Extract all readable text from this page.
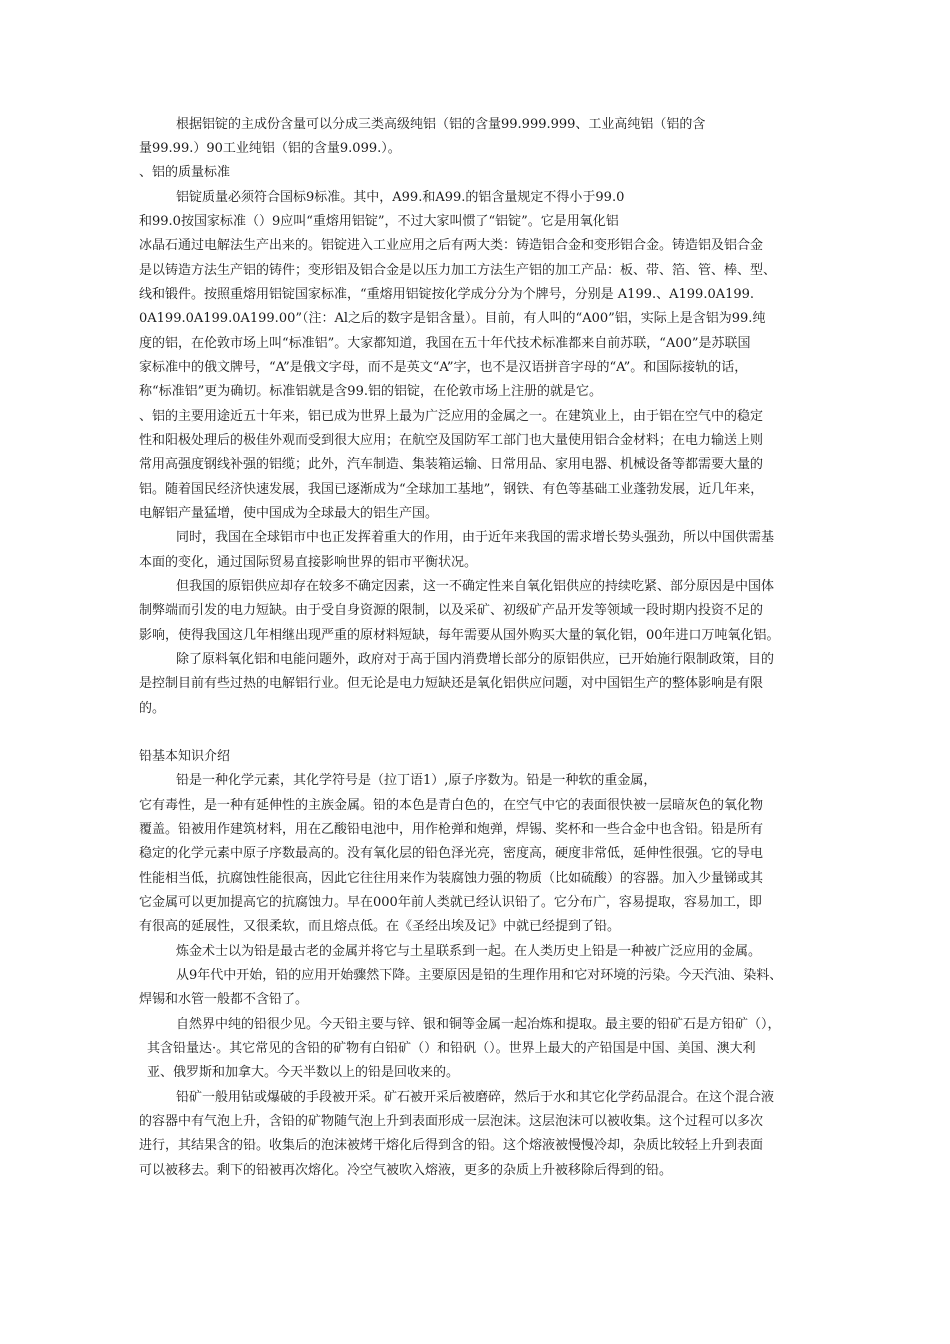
根据铝锭的主成份含量可以分成三类高级纯铝（铝的含量99.999.999、工业高纯铝（铝的含
量99.99.）90工业纯铝（铝的含量9.099.）。
、铝的质量标准
铝锭质量必须符合国标9标准。其中，A99.和A99.的铝含量规定不得小于99.0
和99.0按国家标准（）9应叫“重熔用铝锭”，不过大家叫惯了“铝锭”。它是用氧化铝
冰晶石通过电解法生产出来的。铝锭进入工业应用之后有两大类：铸造铝合金和变形铝合金。铸造铝及铝合金
是以铸造方法生产铝的铸件；变形铝及铝合金是以压力加工方法生产铝的加工产品：板、带、箔、管、棒、型、
线和锻件。按照重熔用铝锭国家标准，“重熔用铝锭按化学成分分为个牌号，分别是 A199.、A199.0A199.
0A199.0A199.0A199.00”（注：Al之后的数字是铝含量）。目前，有人叫的“A00”铝，实际上是含铝为99.纯
度的铝，在伦敦市场上叫“标准铝”。大家都知道，我国在五十年代技术标准都来自前苏联，“A00”是苏联国
家标准中的俄文牌号，“A”是俄文字母，而不是英文“A”字，也不是汉语拼音字母的“A”。和国际接轨的话，
称“标准铝”更为确切。标准铝就是含99.铝的铝锭，在伦敦市场上注册的就是它。
、铝的主要用途近五十年来，铝已成为世界上最为广泛应用的金属之一。在建筑业上，由于铝在空气中的稳定
性和阳极处理后的极佳外观而受到很大应用；在航空及国防军工部门也大量使用铝合金材料；在电力输送上则
常用高强度钢线补强的铝缆；此外，汽车制造、集装箱运输、日常用品、家用电器、机械设备等都需要大量的
铝。随着国民经济快速发展，我国已逐渐成为“全球加工基地”，钢铁、有色等基础工业蓬勃发展，近几年来，
电解铝产量猛增，使中国成为全球最大的铝生产国。
同时，我国在全球铝市中也正发挥着重大的作用，由于近年来我国的需求增长势头强劲，所以中国供需基
本面的变化，通过国际贸易直接影响世界的铝市平衡状况。
但我国的原铝供应却存在较多不确定因素，这一不确定性来自氧化铝供应的持续吃紧、部分原因是中国体
制弊端而引发的电力短缺。由于受自身资源的限制，以及采矿、初级矿产品开发等领域一段时期内投资不足的
影响，使得我国这几年相继出现严重的原材料短缺，每年需要从国外购买大量的氧化铝，00年进口万吨氧化铝。
除了原料氧化铝和电能问题外，政府对于高于国内消费增长部分的原铝供应，已开始施行限制政策，目的
是控制目前有些过热的电解铝行业。但无论是电力短缺还是氧化铝供应问题，对中国铝生产的整体影响是有限
的。
铅基本知识介绍
铅是一种化学元素，其化学符号是（拉丁语1）,原子序数为。铅是一种软的重金属，
它有毒性，是一种有延伸性的主族金属。铅的本色是青白色的，在空气中它的表面很快被一层暗灰色的氧化物
覆盖。铅被用作建筑材料，用在乙酸铅电池中，用作枪弹和炮弹，焊锡、奖杯和一些合金中也含铅。铅是所有
稳定的化学元素中原子序数最高的。没有氧化层的铅色泽光亮，密度高，硬度非常低，延伸性很强。它的导电
性能相当低，抗腐蚀性能很高，因此它往往用来作为装腐蚀力强的物质（比如硫酸）的容器。加入少量锑或其
它金属可以更加提高它的抗腐蚀力。早在000年前人类就已经认识铅了。它分布广，容易提取，容易加工，即
有很高的延展性，又很柔软，而且熔点低。在《圣经出埃及记》中就已经提到了铅。
炼金术士以为铅是最古老的金属并将它与土星联系到一起。在人类历史上铅是一种被广泛应用的金属。
从9年代中开始，铅的应用开始骤然下降。主要原因是铅的生理作用和它对环境的污染。今天汽油、染料、
焊锡和水管一般都不含铅了。
自然界中纯的铅很少见。今天铅主要与锌、银和铜等金属一起冶炼和提取。最主要的铅矿石是方铅矿（），
其含铅量达·。其它常见的含铅的矿物有白铅矿（）和铅矾（）。世界上最大的产铅国是中国、美国、澳大利
亚、俄罗斯和加拿大。今天半数以上的铅是回收来的。
铅矿一般用钻或爆破的手段被开采。矿石被开采后被磨碎，然后于水和其它化学药品混合。在这个混合液
的容器中有气泡上升，含铅的矿物随气泡上升到表面形成一层泡沫。这层泡沫可以被收集。这个过程可以多次
进行，其结果含的铅。收集后的泡沫被烤干熔化后得到含的铅。这个熔液被慢慢冷却，杂质比较轻上升到表面
可以被移去。剩下的铅被再次熔化。冷空气被吹入熔液，更多的杂质上升被移除后得到的铅。
